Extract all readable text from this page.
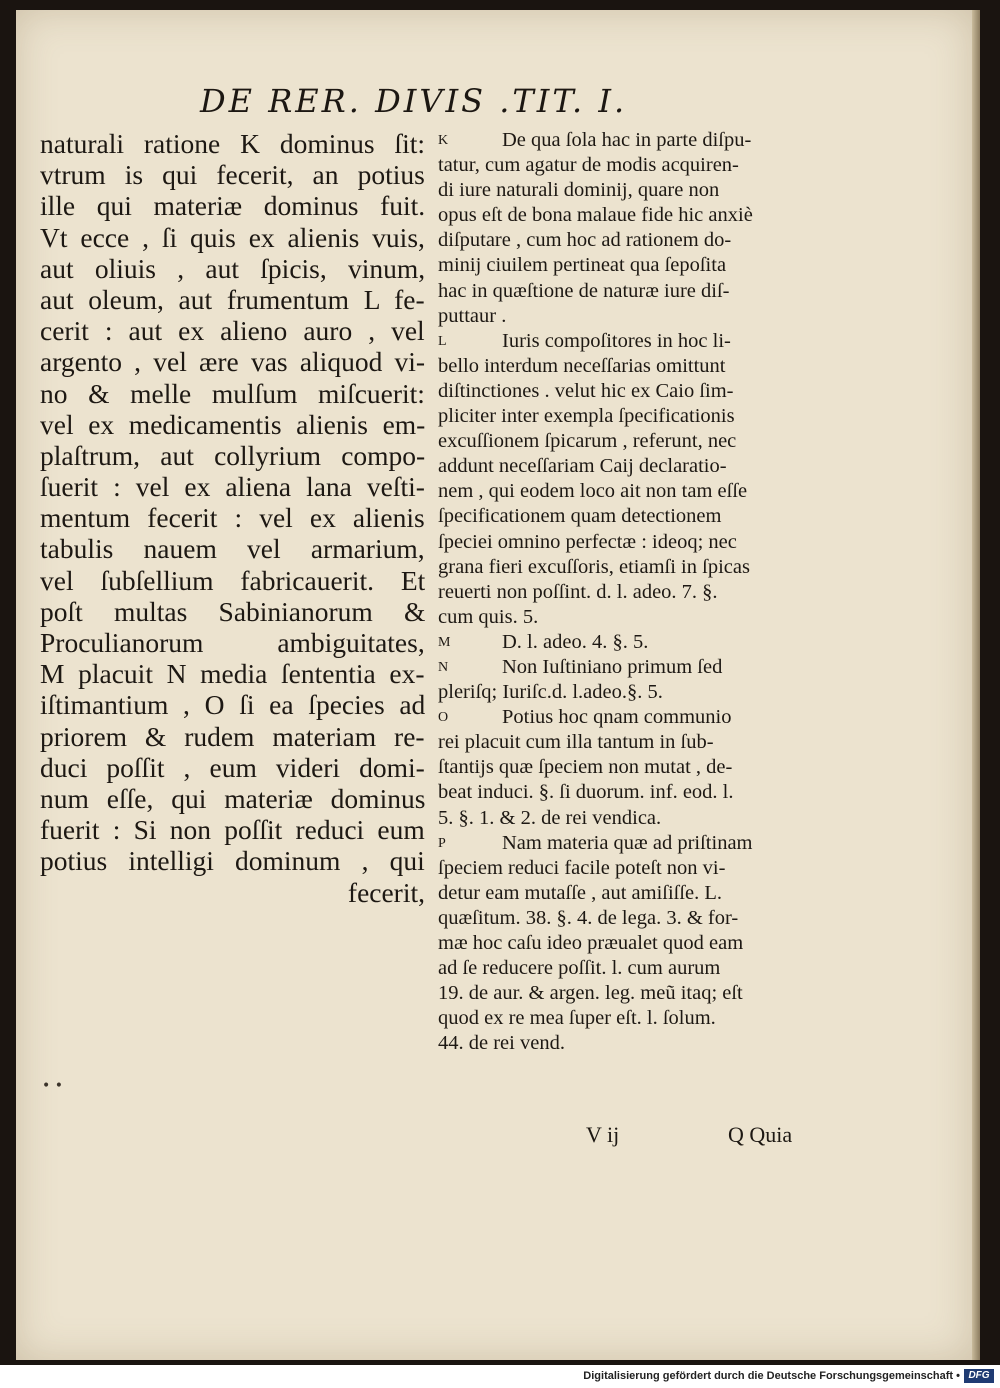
DE RER. DIVIS .TIT. I.
naturali ratione K dominus ſit:
vtrum is qui fecerit, an potius
ille qui materiæ dominus fuit.
Vt ecce , ſi quis ex alienis vuis,
aut oliuis , aut ſpicis, vinum,
aut oleum, aut frumentum L fe-
cerit : aut ex alieno auro , vel
argento , vel ære vas aliquod vi-
no & melle mulſum miſcuerit:
vel ex medicamentis alienis em-
plaſtrum, aut collyrium compo-
ſuerit : vel ex aliena lana veſti-
mentum fecerit : vel ex alienis
tabulis nauem vel armarium,
vel ſubſellium fabricauerit. Et
poſt multas Sabinianorum &
Proculianorum ambiguitates,
M placuit N media ſententia ex-
iſtimantium , O ſi ea ſpecies ad
priorem & rudem materiam re-
duci poſſit , eum videri domi-
num eſſe, qui materiæ dominus
fuerit : Si non poſſit reduci eum
potius intelligi dominum , qui
fecerit,
K	De qua ſola hac in parte diſpu-
tatur, cum agatur de modis acquiren-
di iure naturali dominij, quare non
opus eſt de bona malaue fide hic anxiè
diſputare , cum hoc ad rationem do-
minij ciuilem pertineat qua ſepoſita
hac in quæſtione de naturæ iure diſ-
puttaur .
L	Iuris compoſitores in hoc li-
bello interdum neceſſarias omittunt
diſtinctiones . velut hic ex Caio ſim-
pliciter inter exempla ſpecificationis
excuſſionem ſpicarum , referunt, nec
addunt neceſſariam Caij declaratio-
nem , qui eodem loco ait non tam eſſe
ſpecificationem quam detectionem
ſpeciei omnino perfectæ : ideoq; nec
grana fieri excuſſoris, etiamſi in ſpicas
reuerti non poſſint. d. l. adeo. 7. §.
cum quis. 5.
M	D. l. adeo. 4. §. 5.
N	Non Iuſtiniano primum ſed
pleriſq; Iuriſc.d. l.adeo.§. 5.
O	Potius hoc qnam communio
rei placuit cum illa tantum in ſub-
ſtantijs quæ ſpeciem non mutat , de-
beat induci. §. ſi duorum. inf. eod. l.
5. §. 1. & 2. de rei vendica.
P	Nam materia quæ ad priſtinam
ſpeciem reduci facile poteſt non vi-
detur eam mutaſſe , aut amiſiſſe. L.
quæſitum. 38. §. 4. de lega. 3. & for-
mæ hoc caſu ideo præualet quod eam
ad ſe reducere poſſit. l. cum aurum
19. de aur. & argen. leg. meũ itaq; eſt
quod ex re mea ſuper eſt. l. ſolum.
44. de rei vend.
• •
V ij	Q Quia
Digitalisierung gefördert durch die Deutsche Forschungsgemeinschaft • DFG
